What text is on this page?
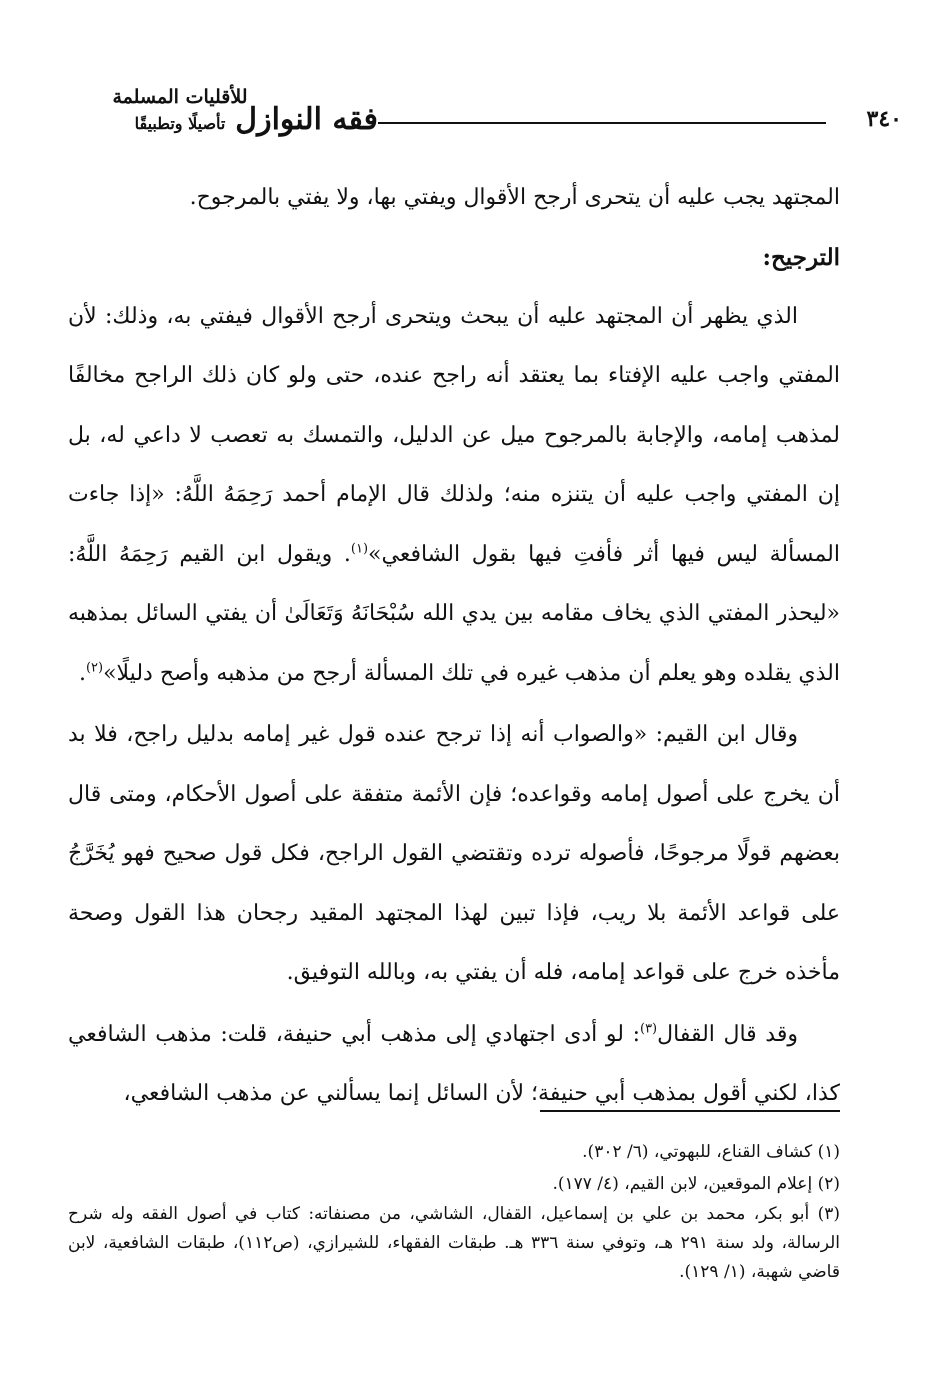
للأقليات المسلمة
تأصيلًا وتطبيقًا فقه النوازل	٣٤٠

المجتهد يجب عليه أن يتحرى أرجح الأقوال ويفتي بها، ولا يفتي بالمرجوح.

الترجيح:

الذي يظهر أن المجتهد عليه أن يبحث ويتحرى أرجح الأقوال فيفتي به، وذلك: لأن المفتي واجب عليه الإفتاء بما يعتقد أنه راجح عنده، حتى ولو كان ذلك الراجح مخالفًا لمذهب إمامه، والإجابة بالمرجوح ميل عن الدليل، والتمسك به تعصب لا داعي له، بل إن المفتي واجب عليه أن يتنزه منه؛ ولذلك قال الإمام أحمد رَحِمَهُ اللَّهُ: «إذا جاءت المسألة ليس فيها أثر فأفتِ فيها بقول الشافعي»$^{(١)}$. ويقول ابن القيم رَحِمَهُ اللَّهُ: «ليحذر المفتي الذي يخاف مقامه بين يدي الله سُبْحَانَهُ وَتَعَالَىٰ أن يفتي السائل بمذهبه الذي يقلده وهو يعلم أن مذهب غيره في تلك المسألة أرجح من مذهبه وأصح دليلًا»$^{(٢)}$.

وقال ابن القيم: «والصواب أنه إذا ترجح عنده قول غير إمامه بدليل راجح، فلا بد أن يخرج على أصول إمامه وقواعده؛ فإن الأئمة متفقة على أصول الأحكام، ومتى قال بعضهم قولًا مرجوحًا، فأصوله ترده وتقتضي القول الراجح، فكل قول صحيح فهو يُخَرَّجُ على قواعد الأئمة بلا ريب، فإذا تبين لهذا المجتهد المقيد رجحان هذا القول وصحة مأخذه خرج على قواعد إمامه، فله أن يفتي به، وبالله التوفيق.

وقد قال القفال$^{(٣)}$: لو أدى اجتهادي إلى مذهب أبي حنيفة، قلت: مذهب الشافعي كذا، لكني أقول بمذهب أبي حنيفة؛ لأن السائل إنما يسألني عن مذهب الشافعي،

(١) كشاف القناع، للبهوتي، (٦/ ٣٠٢).

(٢) إعلام الموقعين، لابن القيم، (٤/ ١٧٧).

(٣) أبو بكر، محمد بن علي بن إسماعيل، القفال، الشاشي، من مصنفاته: كتاب في أصول الفقه وله شرح الرسالة، ولد سنة ٢٩١ هـ، وتوفي سنة ٣٣٦ هـ. طبقات الفقهاء، للشيرازي، (ص١١٢)، طبقات الشافعية، لابن قاضي شهبة، (١/ ١٢٩).
